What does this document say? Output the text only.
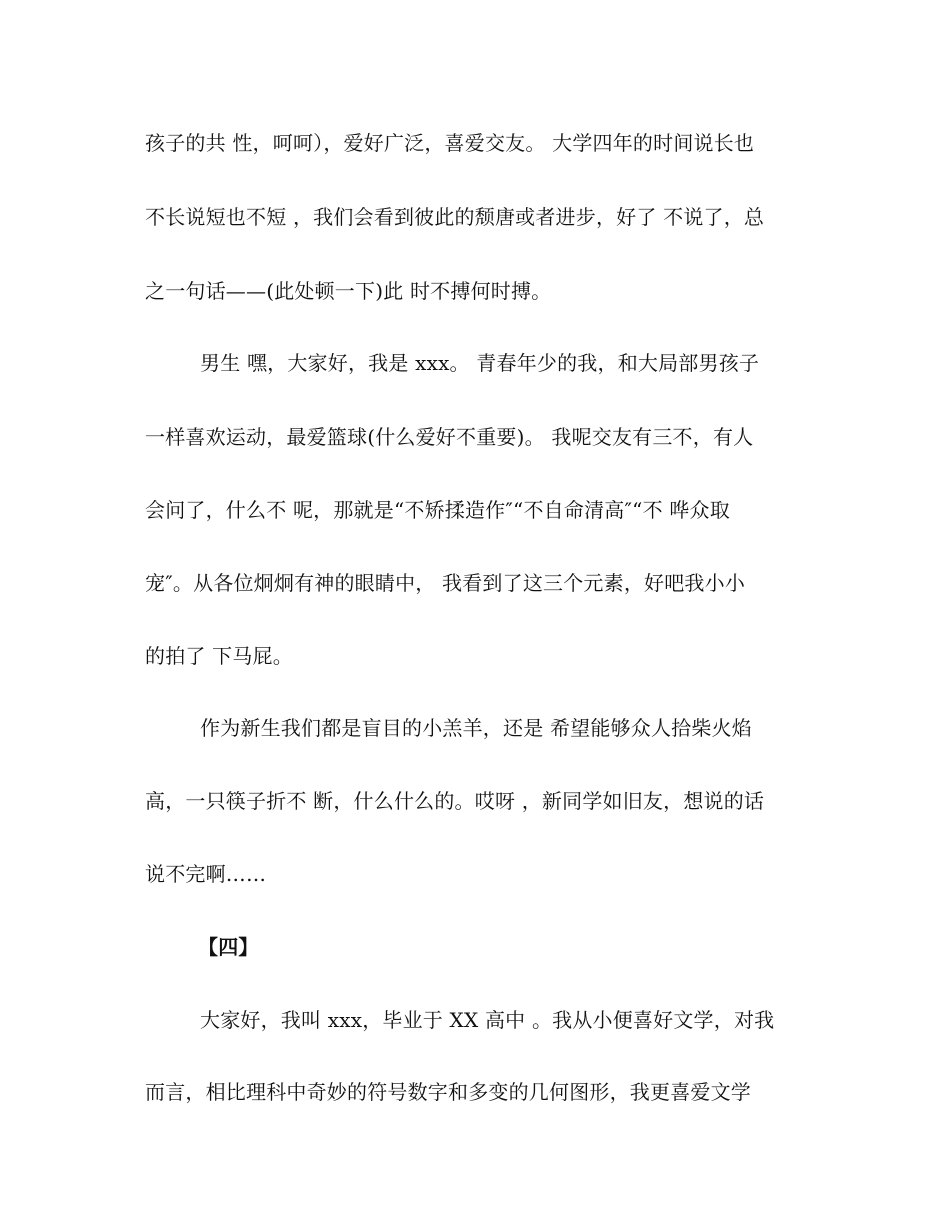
孩子的共 性，呵呵），爱好广泛，喜爱交友。 大学四年的时间说长也
不长说短也不短 ，我们会看到彼此的颓唐或者进步，好了 不说了，总
之一句话——(此处顿一下)此 时不搏何时搏。
男生 嘿，大家好，我是 xxx。 青春年少的我，和大局部男孩子
一样喜欢运动，最爱篮球(什么爱好不重要)。 我呢交友有三不，有人
会问了，什么不 呢，那就是“不矫揉造作″“不自命清高″“不 哗众取
宠″。从各位炯炯有神的眼睛中， 我看到了这三个元素，好吧我小小
的拍了 下马屁。
作为新生我们都是盲目的小羔羊，还是 希望能够众人拾柴火焰
高，一只筷子折不 断，什么什么的。哎呀 ，新同学如旧友，想说的话
说不完啊……
【四】
大家好，我叫 xxx，毕业于 XX 高中 。我从小便喜好文学，对我
而言，相比理科中奇妙的符号数字和多变的几何图形，我更喜爱文学
